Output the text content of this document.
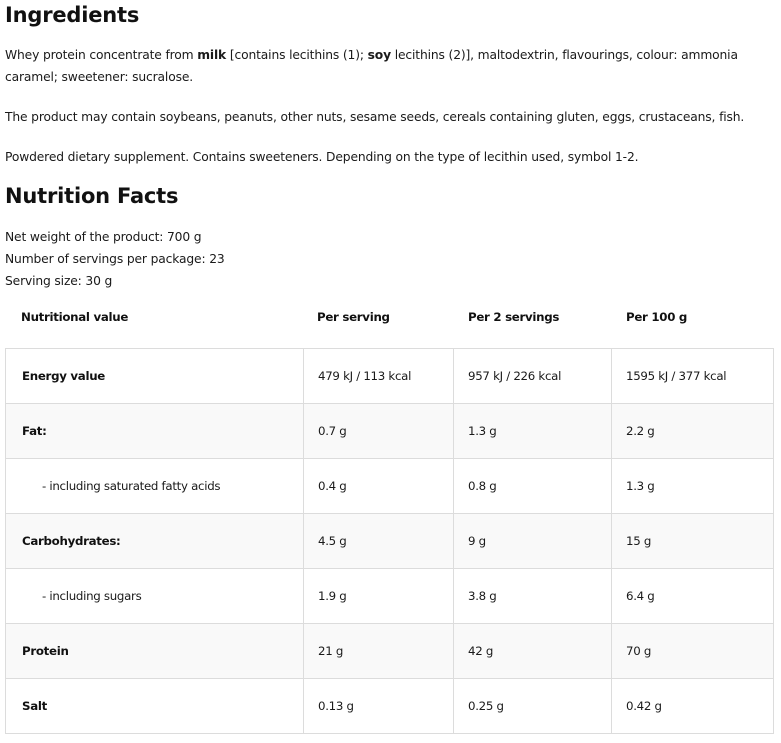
Ingredients

Whey protein concentrate from milk [contains lecithins (1); soy lecithins (2)], maltodextrin, flavourings, colour: ammonia caramel; sweetener: sucralose.

The product may contain soybeans, peanuts, other nuts, sesame seeds, cereals containing gluten, eggs, crustaceans, fish.

Powdered dietary supplement. Contains sweeteners. Depending on the type of lecithin used, symbol 1-2.

Nutrition Facts
Net weight of the product: 700 g
Number of servings per package: 23
Serving size: 30 g
Nutritional value	Per serving	Per 2 servings	Per 100 g
Energy value	479 kJ / 113 kcal	957 kJ / 226 kcal	1595 kJ / 377 kcal
Fat:	0.7 g	1.3 g	2.2 g
- including saturated fatty acids	0.4 g	0.8 g	1.3 g
Carbohydrates:	4.5 g	9 g	15 g
- including sugars	1.9 g	3.8 g	6.4 g
Protein	21 g	42 g	70 g
Salt	0.13 g	0.25 g	0.42 g
